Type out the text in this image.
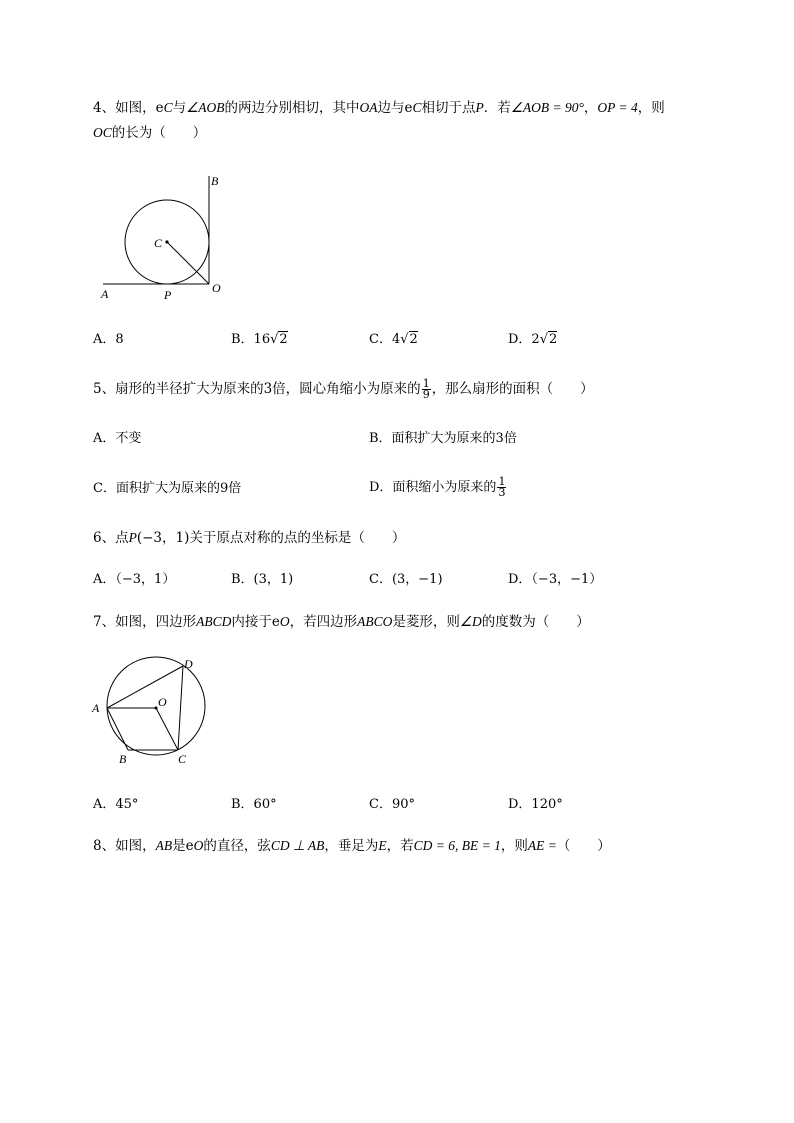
4、如图，eC与∠AOB的两边分别相切，其中OA边与eC相切于点P．若∠AOB = 90°，OP = 4，则
OC的长为（　　）
B
C
A	P	O
A．8	B．16√2	C．4√2	D．2√2
5、扇形的半径扩大为原来的3倍，圆心角缩小为原来的 $\frac{1}{9}$ ，那么扇形的面积（　　）
A．不变	B．面积扩大为原来的3倍
C．面积扩大为原来的9倍	D．面积缩小为原来的 $\frac{1}{3}$
6、点P(−3，1)关于原点对称的点的坐标是（　　）
A．（−3，1）	B．(3，1)	C．(3，−1)	D．（−3，−1）
7、如图，四边形ABCD内接于eO，若四边形ABCO是菱形，则∠D的度数为（　　）
A	O
D
B	C
A．45°	B．60°	C．90°	D．120°
8、如图，AB是eO的直径，弦CD ⊥ AB，垂足为E，若CD = 6, BE = 1，则AE =（　　）
